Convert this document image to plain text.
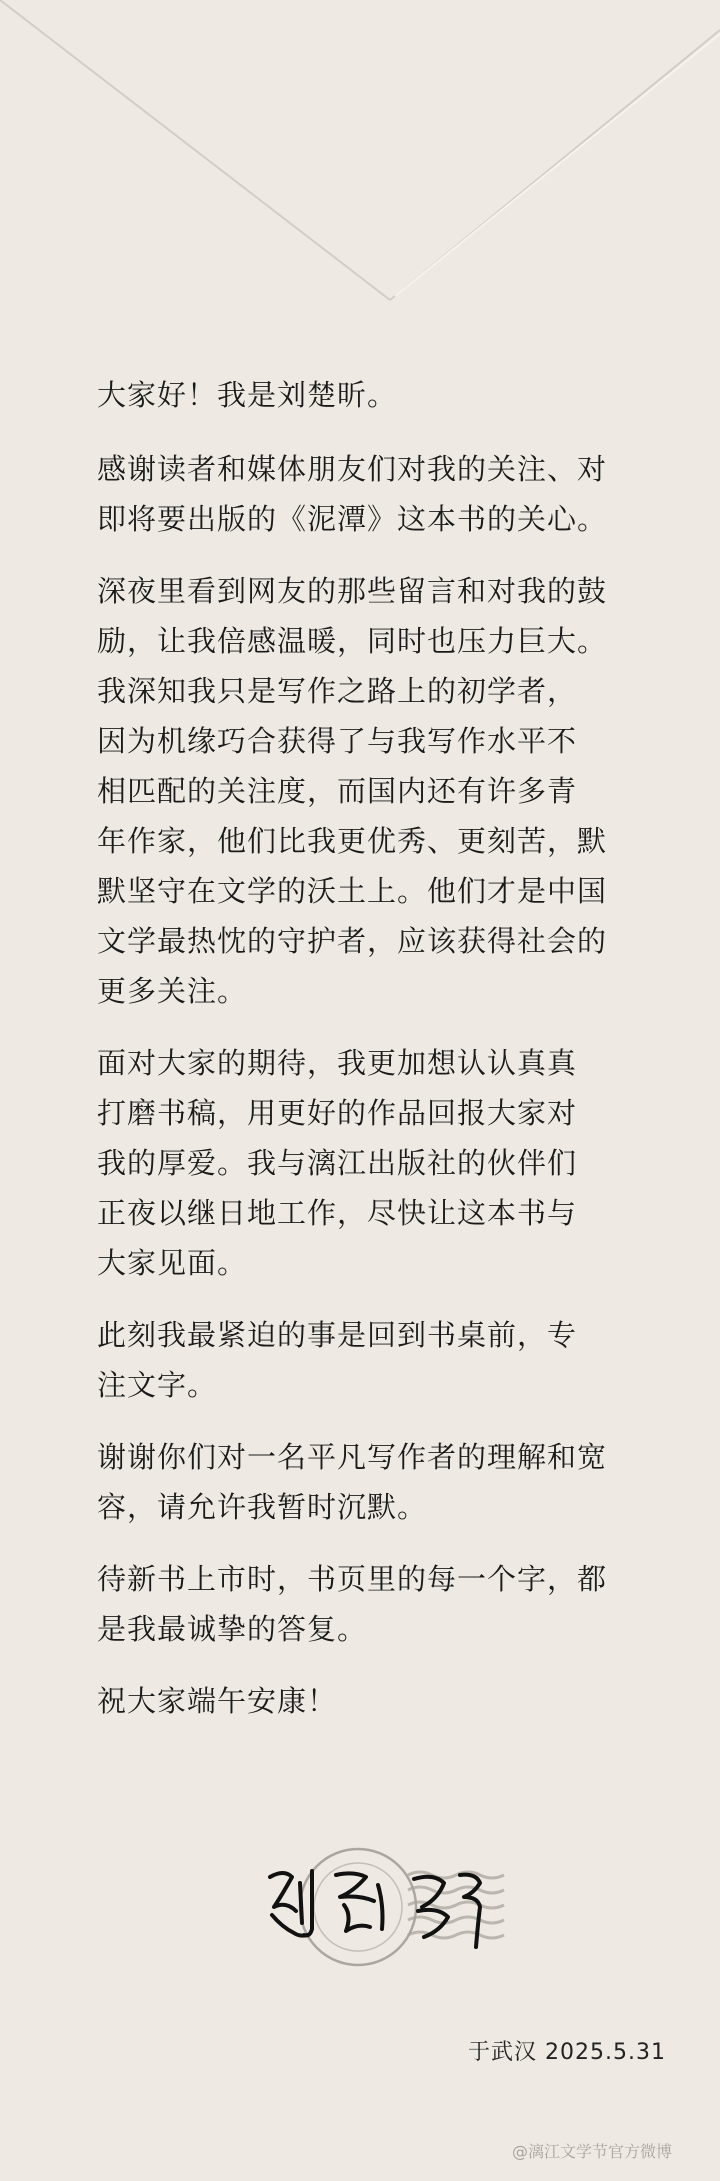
大家好！我是刘楚昕。

感谢读者和媒体朋友们对我的关注、对
即将要出版的《泥潭》这本书的关心。

深夜里看到网友的那些留言和对我的鼓
励，让我倍感温暖，同时也压力巨大。
我深知我只是写作之路上的初学者，
因为机缘巧合获得了与我写作水平不
相匹配的关注度，而国内还有许多青
年作家，他们比我更优秀、更刻苦，默
默坚守在文学的沃土上。他们才是中国
文学最热忱的守护者，应该获得社会的
更多关注。

面对大家的期待，我更加想认认真真
打磨书稿，用更好的作品回报大家对
我的厚爱。我与漓江出版社的伙伴们
正夜以继日地工作，尽快让这本书与
大家见面。

此刻我最紧迫的事是回到书桌前，专
注文字。

谢谢你们对一名平凡写作者的理解和宽
容，请允许我暂时沉默。

待新书上市时，书页里的每一个字，都
是我最诚挚的答复。

祝大家端午安康！

于武汉 2025.5.31
@漓江文学节官方微博
